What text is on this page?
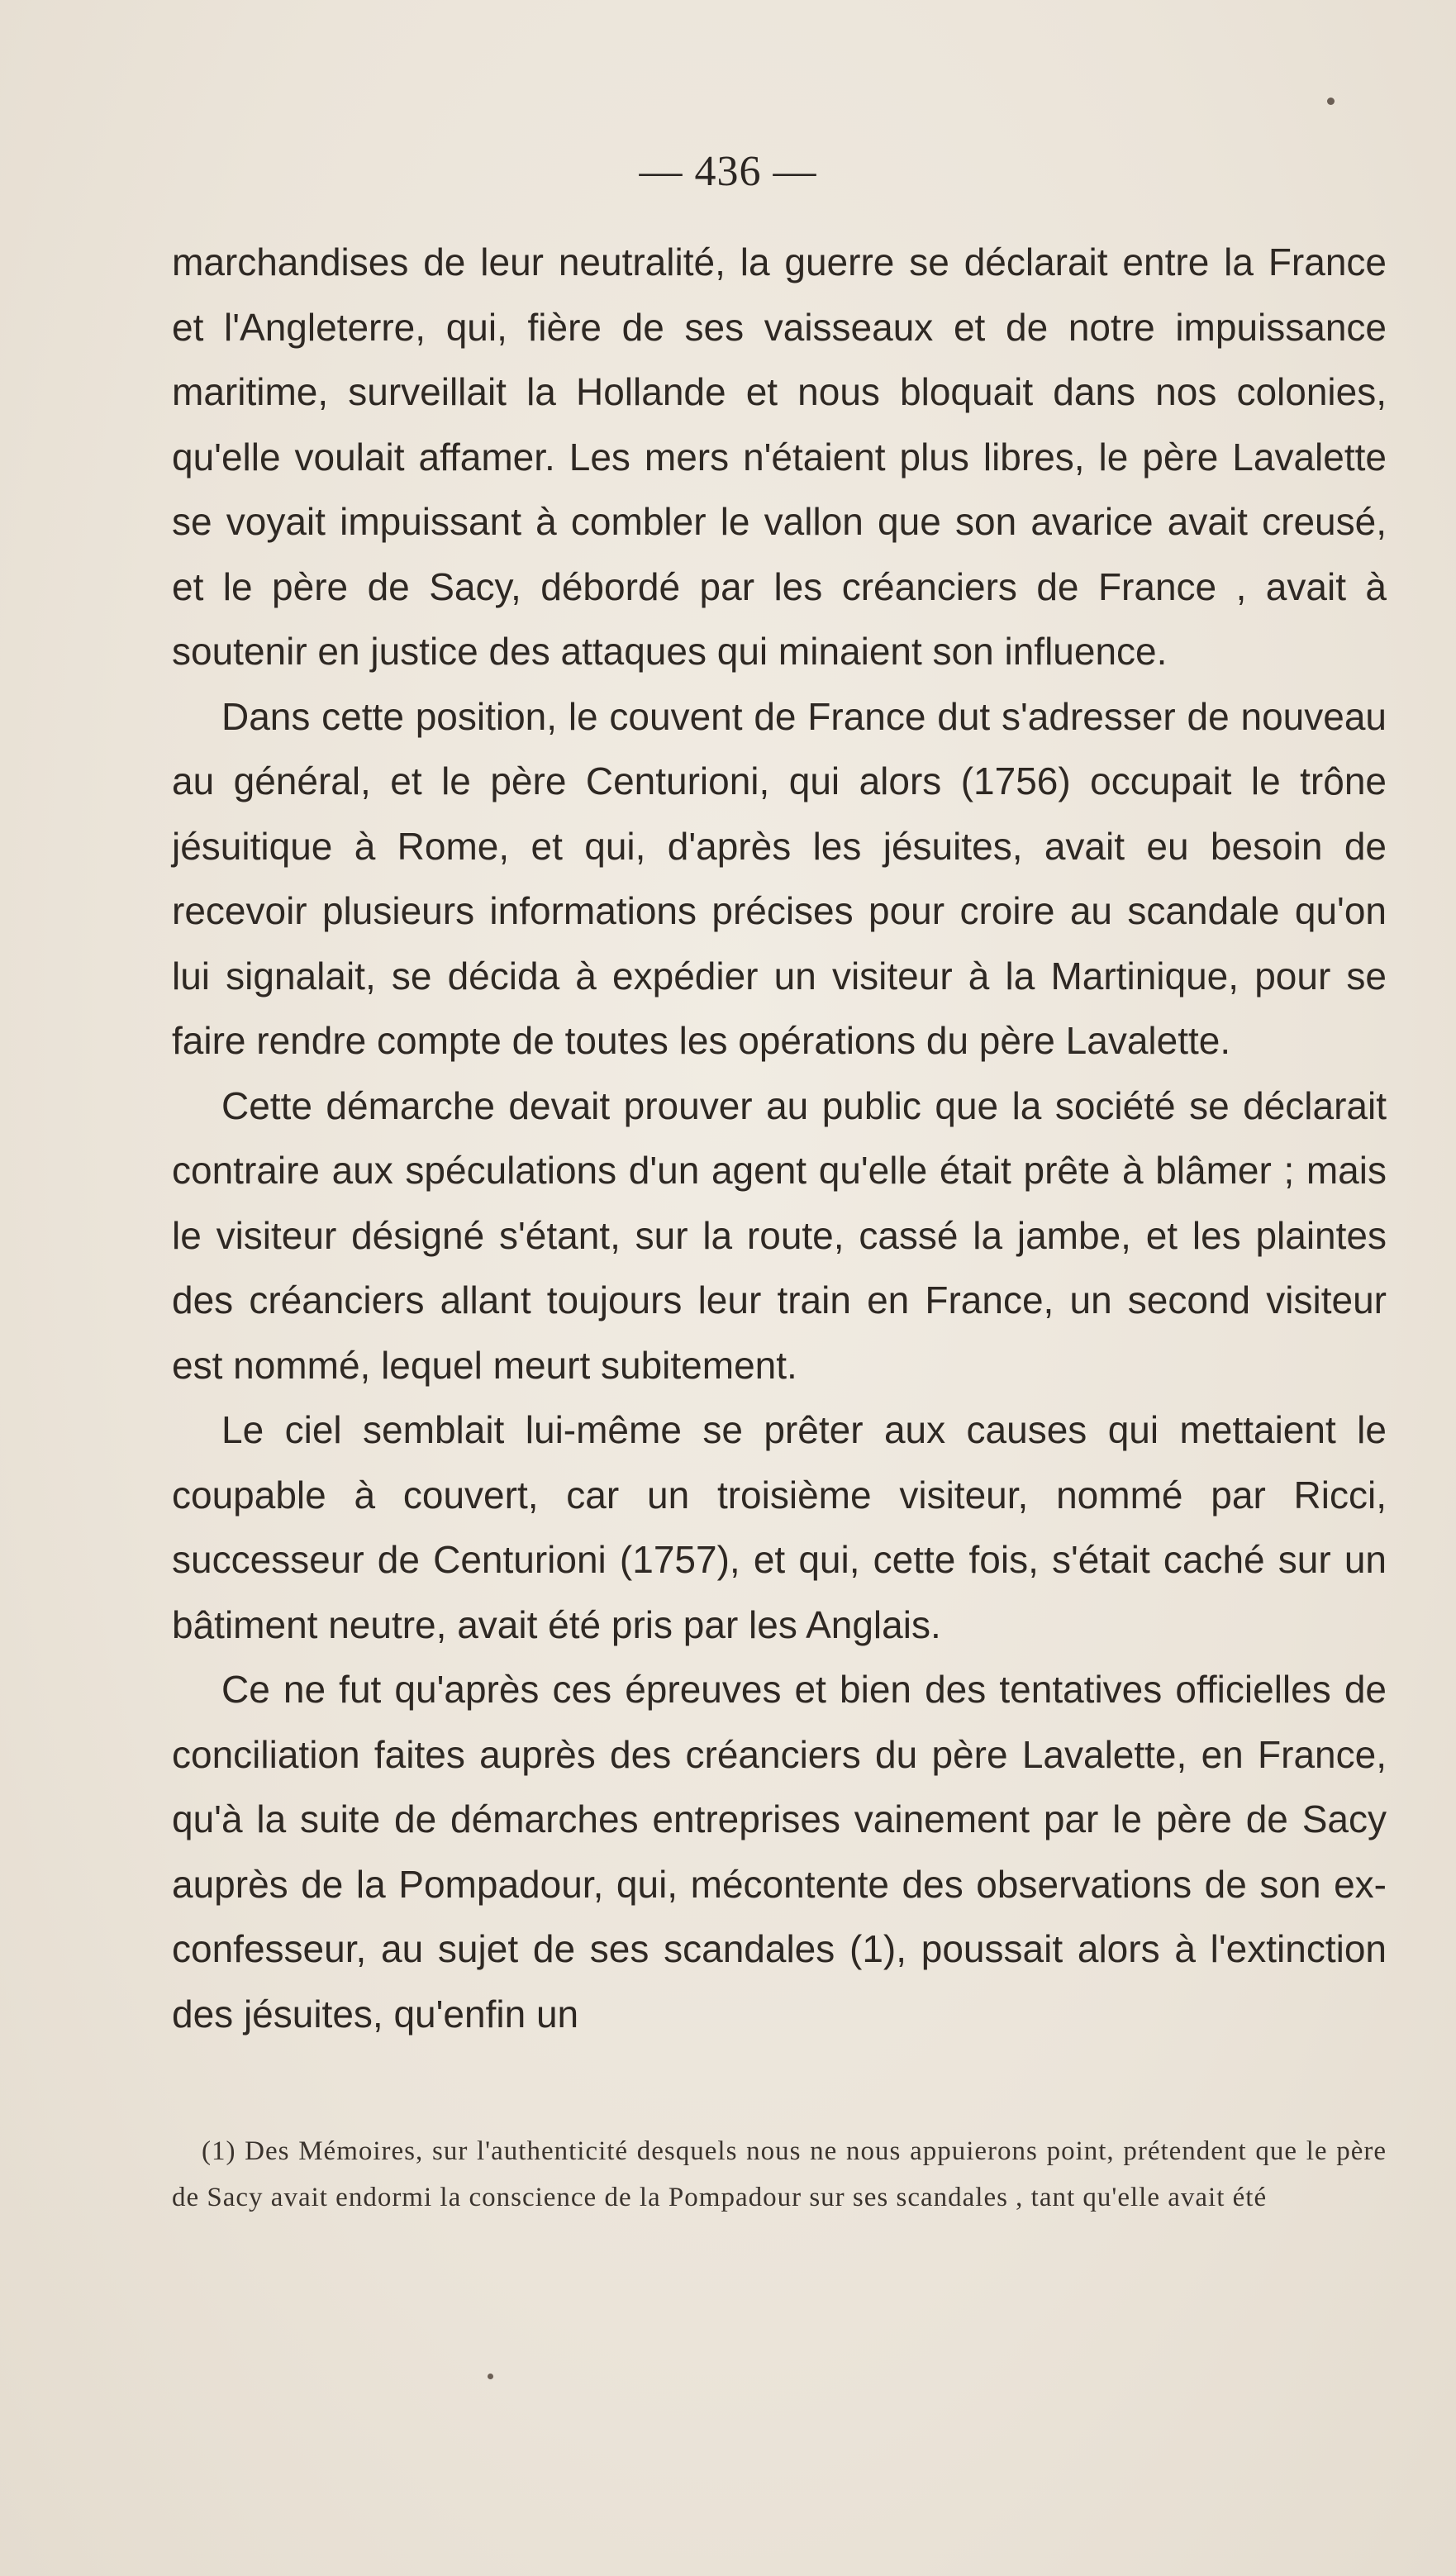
— 436 —

marchandises de leur neutralité, la guerre se déclarait entre la France et l'Angleterre, qui, fière de ses vaisseaux et de notre impuissance maritime, surveillait la Hollande et nous bloquait dans nos colonies, qu'elle voulait affamer. Les mers n'étaient plus libres, le père Lavalette se voyait impuissant à combler le vallon que son avarice avait creusé, et le père de Sacy, débordé par les créanciers de France , avait à soutenir en justice des attaques qui minaient son influence.

Dans cette position, le couvent de France dut s'adresser de nouveau au général, et le père Centurioni, qui alors (1756) occupait le trône jésuitique à Rome, et qui, d'après les jésuites, avait eu besoin de recevoir plusieurs informations précises pour croire au scandale qu'on lui signalait, se décida à expédier un visiteur à la Martinique, pour se faire rendre compte de toutes les opérations du père Lavalette.

Cette démarche devait prouver au public que la société se déclarait contraire aux spéculations d'un agent qu'elle était prête à blâmer ; mais le visiteur désigné s'étant, sur la route, cassé la jambe, et les plaintes des créanciers allant toujours leur train en France, un second visiteur est nommé, lequel meurt subitement.

Le ciel semblait lui-même se prêter aux causes qui mettaient le coupable à couvert, car un troisième visiteur, nommé par Ricci, successeur de Centurioni (1757), et qui, cette fois, s'était caché sur un bâtiment neutre, avait été pris par les Anglais.

Ce ne fut qu'après ces épreuves et bien des tentatives officielles de conciliation faites auprès des créanciers du père Lavalette, en France, qu'à la suite de démarches entreprises vainement par le père de Sacy auprès de la Pompadour, qui, mécontente des observations de son ex-confesseur, au sujet de ses scandales (1), poussait alors à l'extinction des jésuites, qu'enfin un

(1) Des Mémoires, sur l'authenticité desquels nous ne nous appuierons point, prétendent que le père de Sacy avait endormi la conscience de la Pompadour sur ses scandales , tant qu'elle avait été
